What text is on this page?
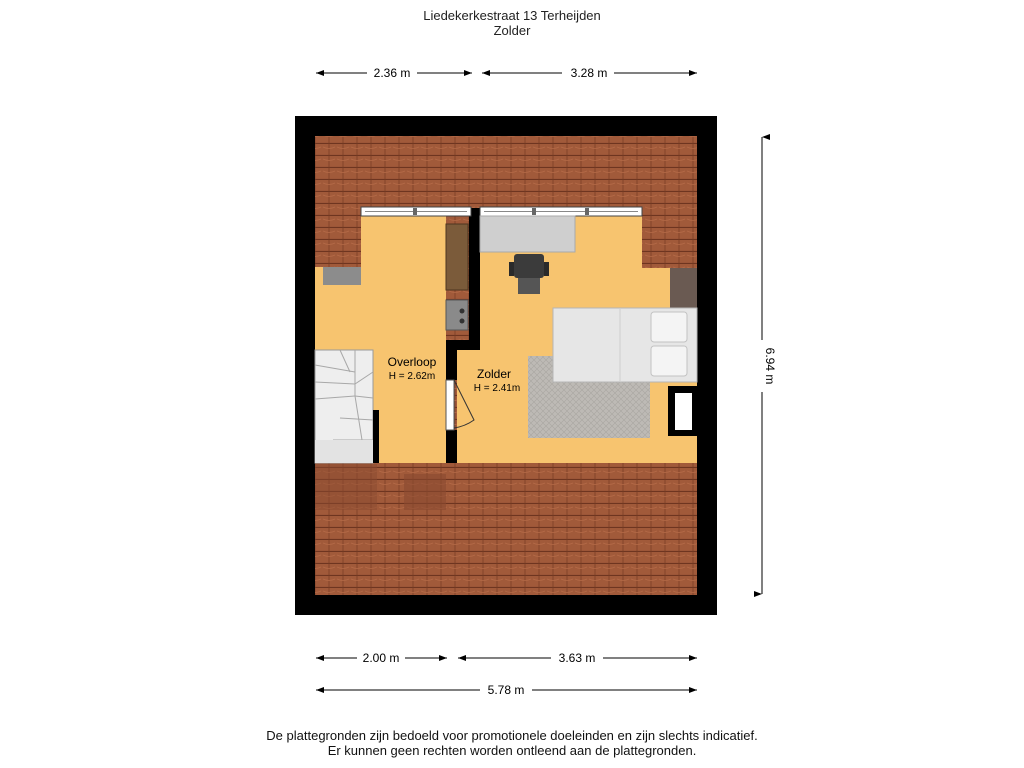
Liedekerkestraat 13 Terheijden
Zolder
Overloop
H = 2.62m	Zolder
H = 2.41m
2.36 m	3.28 m
6.94 m
2.00 m	3.63 m
5.78 m
De plattegronden zijn bedoeld voor promotionele doeleinden en zijn slechts indicatief.
Er kunnen geen rechten worden ontleend aan de plattegronden.
